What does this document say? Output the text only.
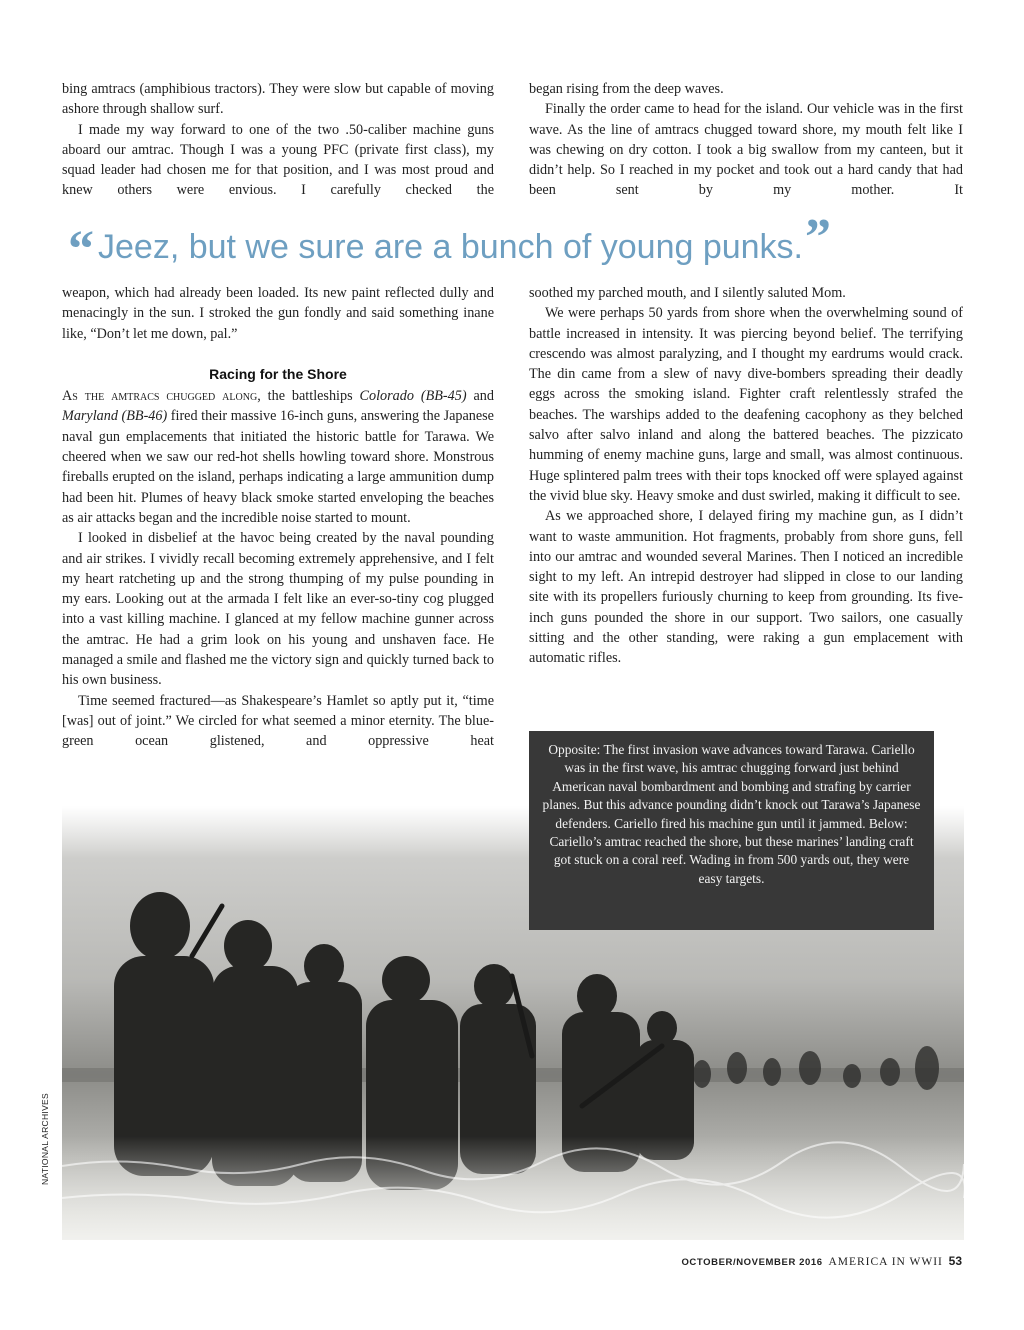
bing amtracs (amphibious tractors). They were slow but capable of moving ashore through shallow surf.

I made my way forward to one of the two .50-caliber machine guns aboard our amtrac. Though I was a young PFC (private first class), my squad leader had chosen me for that position, and I was most proud and knew others were envious. I carefully checked the

began rising from the deep waves.

Finally the order came to head for the island. Our vehicle was in the first wave. As the line of amtracs chugged toward shore, my mouth felt like I was chewing on dry cotton. I took a big swallow from my canteen, but it didn’t help. So I reached in my pocket and took out a hard candy that had been sent by my mother. It

“ Jeez, but we sure are a bunch of young punks.”

weapon, which had already been loaded. Its new paint reflected dully and menacingly in the sun. I stroked the gun fondly and said something inane like, “Don’t let me down, pal.”

Racing for the Shore

As the amtracs chugged along, the battleships Colorado (BB-45) and Maryland (BB-46) fired their massive 16-inch guns, answering the Japanese naval gun emplacements that initiated the historic battle for Tarawa. We cheered when we saw our red-hot shells howling toward shore. Monstrous fireballs erupted on the island, perhaps indicating a large ammunition dump had been hit. Plumes of heavy black smoke started enveloping the beaches as air attacks began and the incredible noise started to mount.

I looked in disbelief at the havoc being created by the naval pounding and air strikes. I vividly recall becoming extremely apprehensive, and I felt my heart ratcheting up and the strong thumping of my pulse pounding in my ears. Looking out at the armada I felt like an ever-so-tiny cog plugged into a vast killing machine. I glanced at my fellow machine gunner across the amtrac. He had a grim look on his young and unshaven face. He managed a smile and flashed me the victory sign and quickly turned back to his own business.

Time seemed fractured—as Shakespeare’s Hamlet so aptly put it, “time [was] out of joint.” We circled for what seemed a minor eternity. The blue-green ocean glistened, and oppressive heat

soothed my parched mouth, and I silently saluted Mom.

We were perhaps 50 yards from shore when the overwhelming sound of battle increased in intensity. It was piercing beyond belief. The terrifying crescendo was almost paralyzing, and I thought my eardrums would crack. The din came from a slew of navy dive-bombers spreading their deadly eggs across the smoking island. Fighter craft relentlessly strafed the beaches. The warships added to the deafening cacophony as they belched salvo after salvo inland and along the battered beaches. The pizzicato humming of enemy machine guns, large and small, was almost continuous. Huge splintered palm trees with their tops knocked off were splayed against the vivid blue sky. Heavy smoke and dust swirled, making it difficult to see.

As we approached shore, I delayed firing my machine gun, as I didn’t want to waste ammunition. Hot fragments, probably from shore guns, fell into our amtrac and wounded several Marines. Then I noticed an incredible sight to my left. An intrepid destroyer had slipped in close to our landing site with its propellers furiously churning to keep from grounding. Its five-inch guns pounded the shore in our support. Two sailors, one casually sitting and the other standing, were raking a gun emplacement with automatic rifles.

Opposite: The first invasion wave advances toward Tarawa. Cariello was in the first wave, his amtrac chugging forward just behind American naval bombardment and bombing and strafing by carrier planes. But this advance pounding didn’t knock out Tarawa’s Japanese defenders. Cariello fired his machine gun until it jammed. Below: Cariello’s amtrac reached the shore, but these marines’ landing craft got stuck on a coral reef. Wading in from 500 yards out, they were easy targets.
NATIONAL ARCHIVES
OCTOBER/NOVEMBER 2016 AMERICA IN WWII 53
